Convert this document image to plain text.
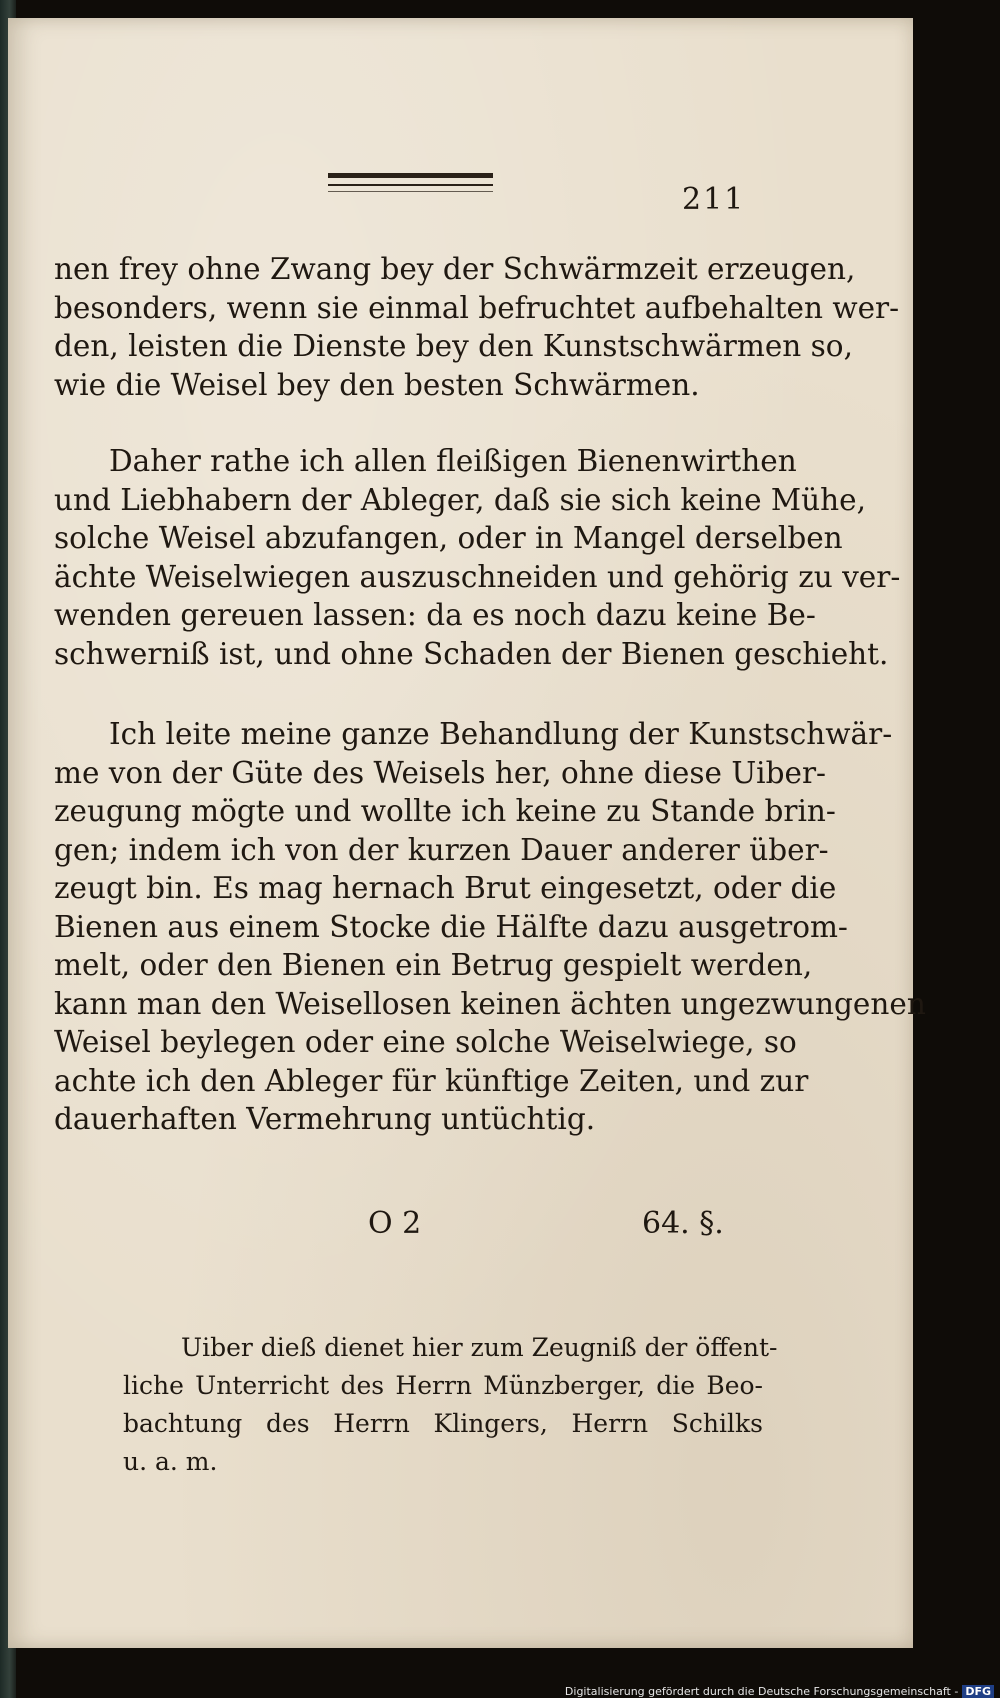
211
nen frey ohne Zwang bey der Schwärmzeit erzeugen,
besonders, wenn sie einmal befruchtet aufbehalten wer-
den, leisten die Dienste bey den Kunstschwärmen so,
wie die Weisel bey den besten Schwärmen.
Daher rathe ich allen fleißigen Bienenwirthen
und Liebhabern der Ableger, daß sie sich keine Mühe,
solche Weisel abzufangen, oder in Mangel derselben
ächte Weiselwiegen auszuschneiden und gehörig zu ver-
wenden gereuen lassen: da es noch dazu keine Be-
schwerniß ist, und ohne Schaden der Bienen geschieht.
Ich leite meine ganze Behandlung der Kunstschwär-
me von der Güte des Weisels her, ohne diese Uiber-
zeugung mögte und wollte ich keine zu Stande brin-
gen; indem ich von der kurzen Dauer anderer über-
zeugt bin. Es mag hernach Brut eingesetzt, oder die
Bienen aus einem Stocke die Hälfte dazu ausgetrom-
melt, oder den Bienen ein Betrug gespielt werden,
kann man den Weisellosen keinen ächten ungezwungenen
Weisel beylegen oder eine solche Weiselwiege, so
achte ich den Ableger für künftige Zeiten, und zur
dauerhaften Vermehrung untüchtig.
O 2	64. §.
Uiber dieß dienet hier zum Zeugniß der öffent-
liche Unterricht des Herrn Münzberger, die Beo-
bachtung des Herrn Klingers, Herrn Schilks
u. a. m.
Digitalisierung gefördert durch die Deutsche Forschungsgemeinschaft - DFG
